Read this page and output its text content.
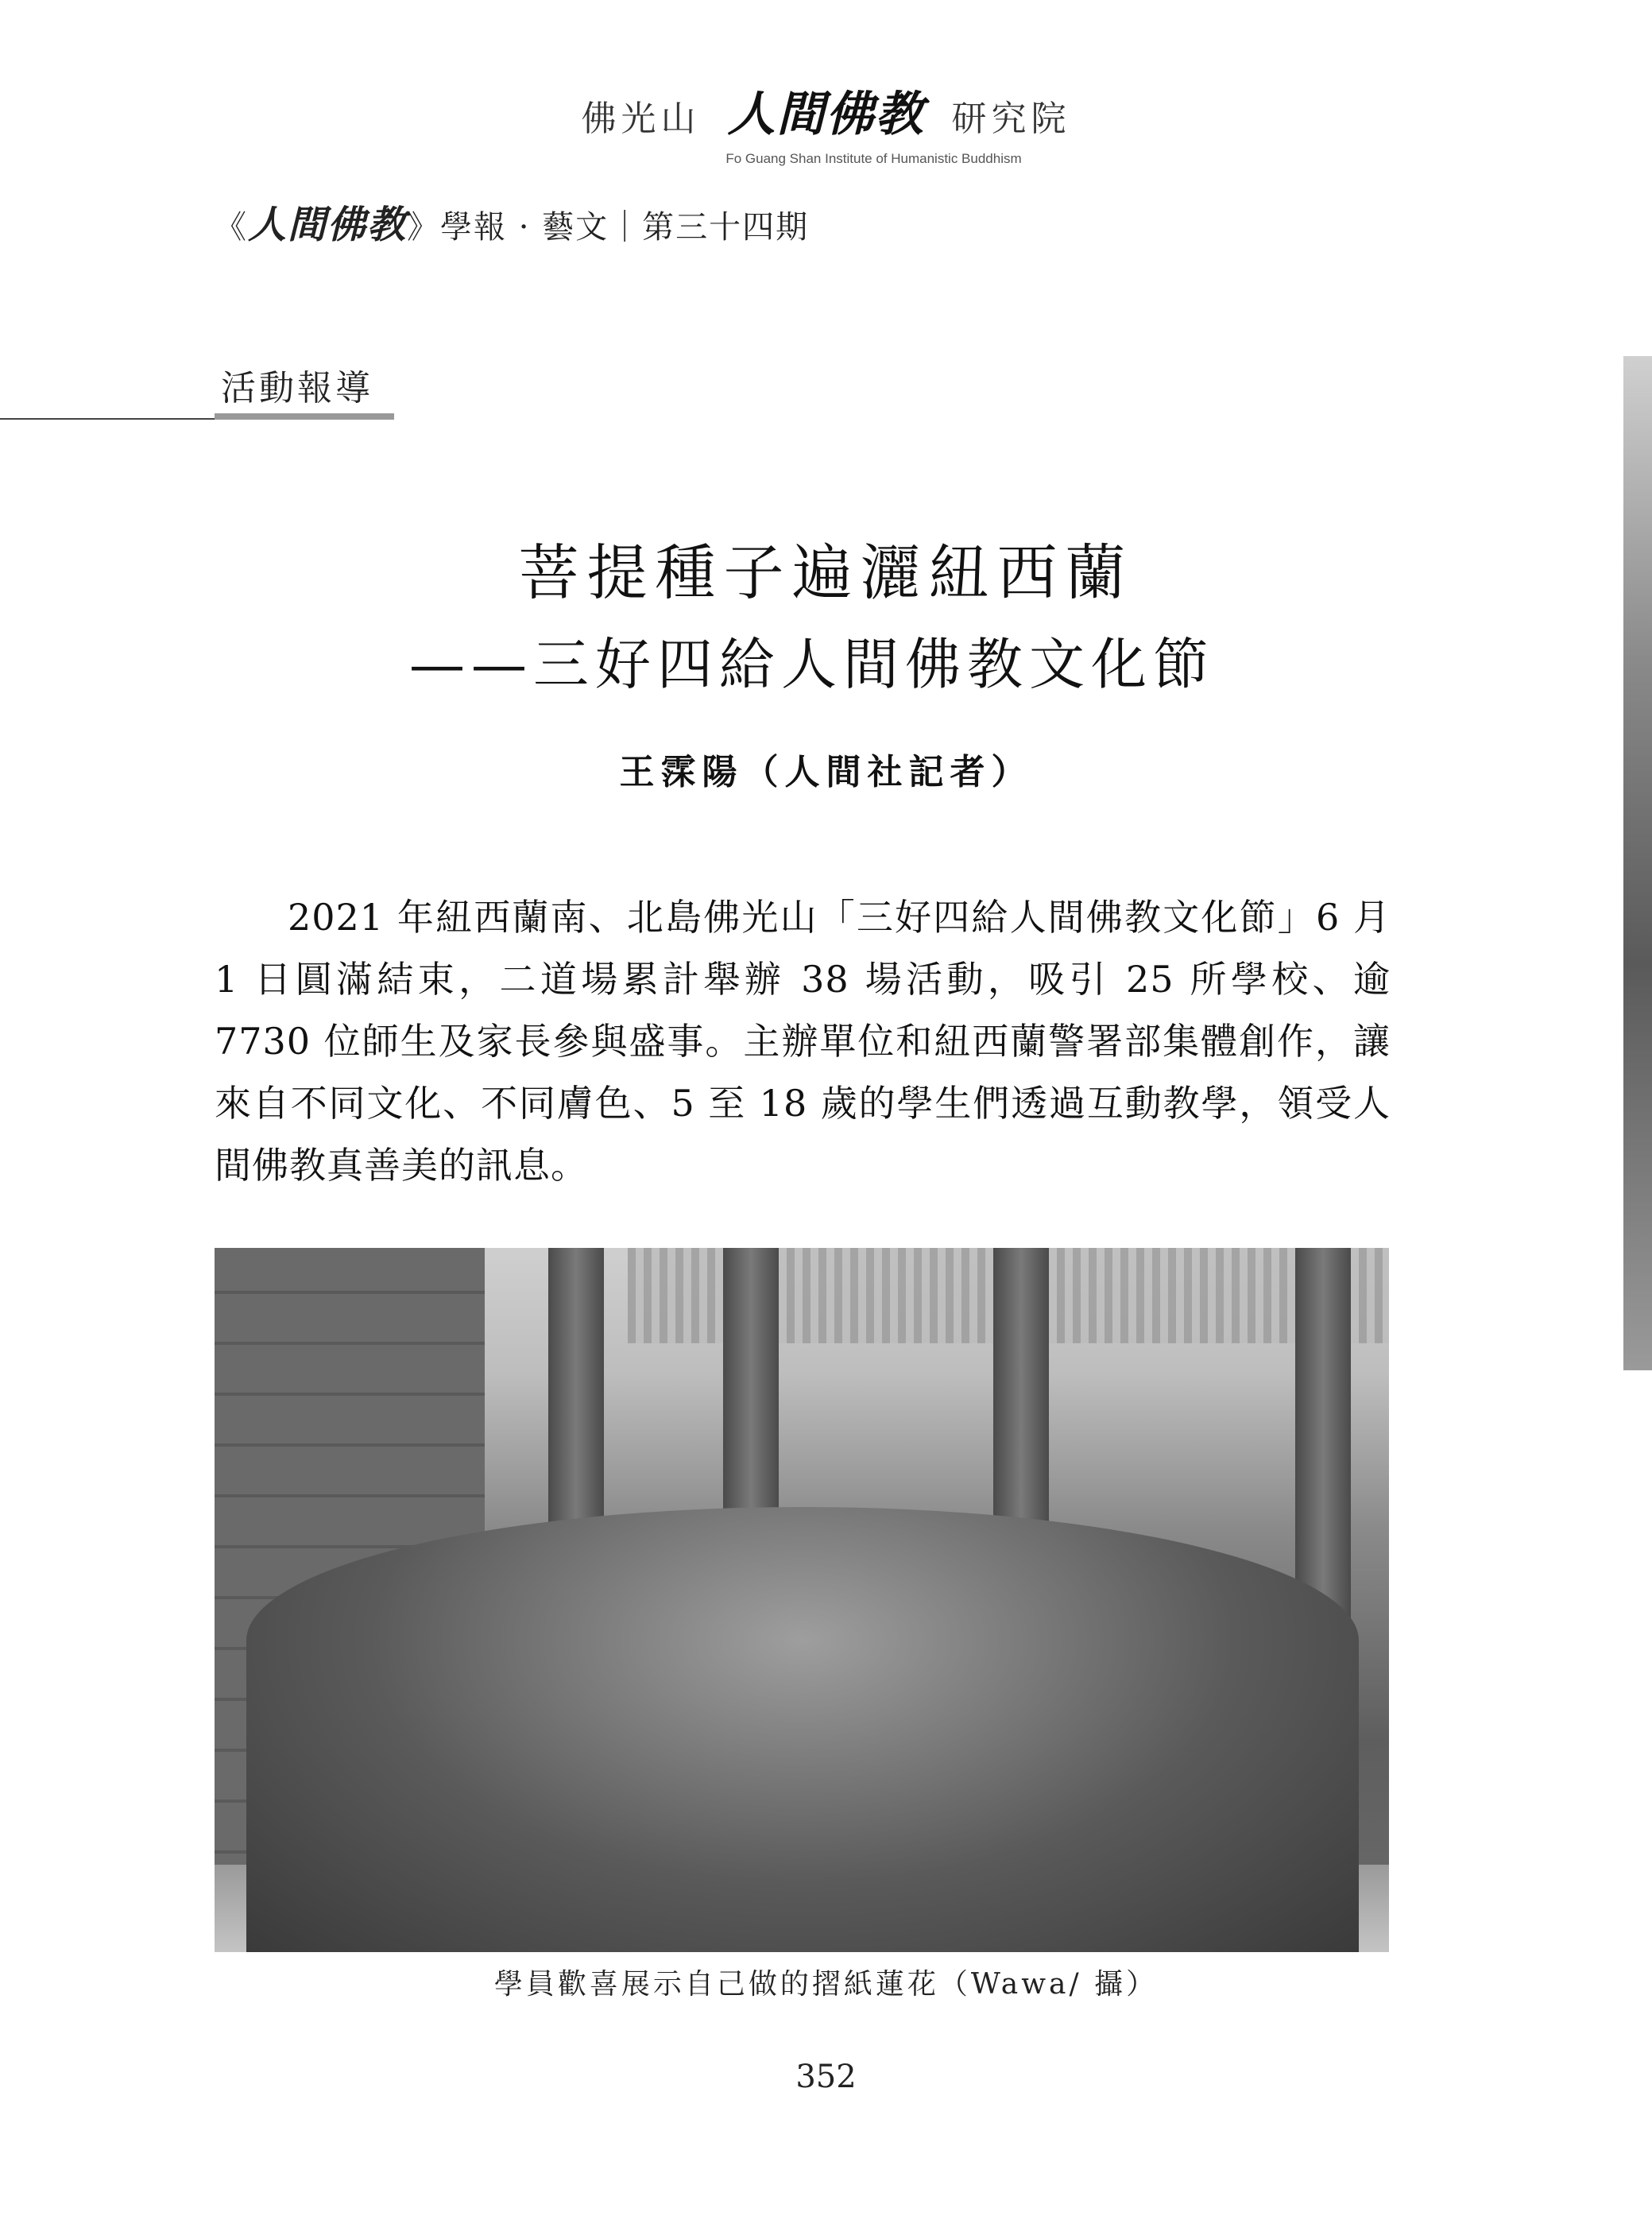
佛光山 人間佛教 研究院
Fo Guang Shan Institute of Humanistic Buddhism
《人間佛教》學報 · 藝文｜第三十四期
活動報導
菩提種子遍灑紐西蘭
——三好四給人間佛教文化節
王霂陽（人間社記者）
2021 年紐西蘭南、北島佛光山「三好四給人間佛教文化節」6 月 1 日圓滿結束，二道場累計舉辦 38 場活動，吸引 25 所學校、逾 7730 位師生及家長參與盛事。主辦單位和紐西蘭警署部集體創作，讓來自不同文化、不同膚色、5 至 18 歲的學生們透過互動教學，領受人間佛教真善美的訊息。
學員歡喜展示自己做的摺紙蓮花（Wawa/ 攝）
352
